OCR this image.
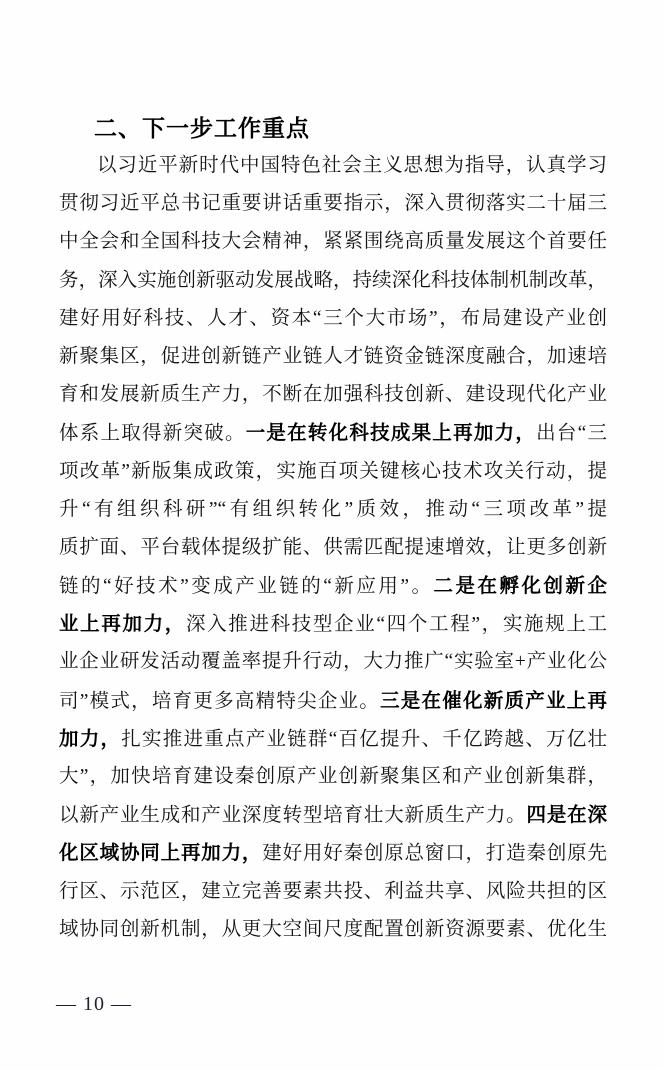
二、下一步工作重点
以习近平新时代中国特色社会主义思想为指导，认真学习
贯彻习近平总书记重要讲话重要指示，深入贯彻落实二十届三
中全会和全国科技大会精神，紧紧围绕高质量发展这个首要任
务，深入实施创新驱动发展战略，持续深化科技体制机制改革，
建好用好科技、人才、资本“三个大市场”，布局建设产业创
新聚集区，促进创新链产业链人才链资金链深度融合，加速培
育和发展新质生产力，不断在加强科技创新、建设现代化产业
体系上取得新突破。一是在转化科技成果上再加力，出台“三
项改革”新版集成政策，实施百项关键核心技术攻关行动，提
升“有组织科研”“有组织转化”质效，推动“三项改革”提
质扩面、平台载体提级扩能、供需匹配提速增效，让更多创新
链的“好技术”变成产业链的“新应用”。二是在孵化创新企
业上再加力，深入推进科技型企业“四个工程”，实施规上工
业企业研发活动覆盖率提升行动，大力推广“实验室+产业化公
司”模式，培育更多高精特尖企业。三是在催化新质产业上再
加力，扎实推进重点产业链群“百亿提升、千亿跨越、万亿壮
大”，加快培育建设秦创原产业创新聚集区和产业创新集群，
以新产业生成和产业深度转型培育壮大新质生产力。四是在深
化区域协同上再加力，建好用好秦创原总窗口，打造秦创原先
行区、示范区，建立完善要素共投、利益共享、风险共担的区
域协同创新机制，从更大空间尺度配置创新资源要素、优化生
— 10 —
